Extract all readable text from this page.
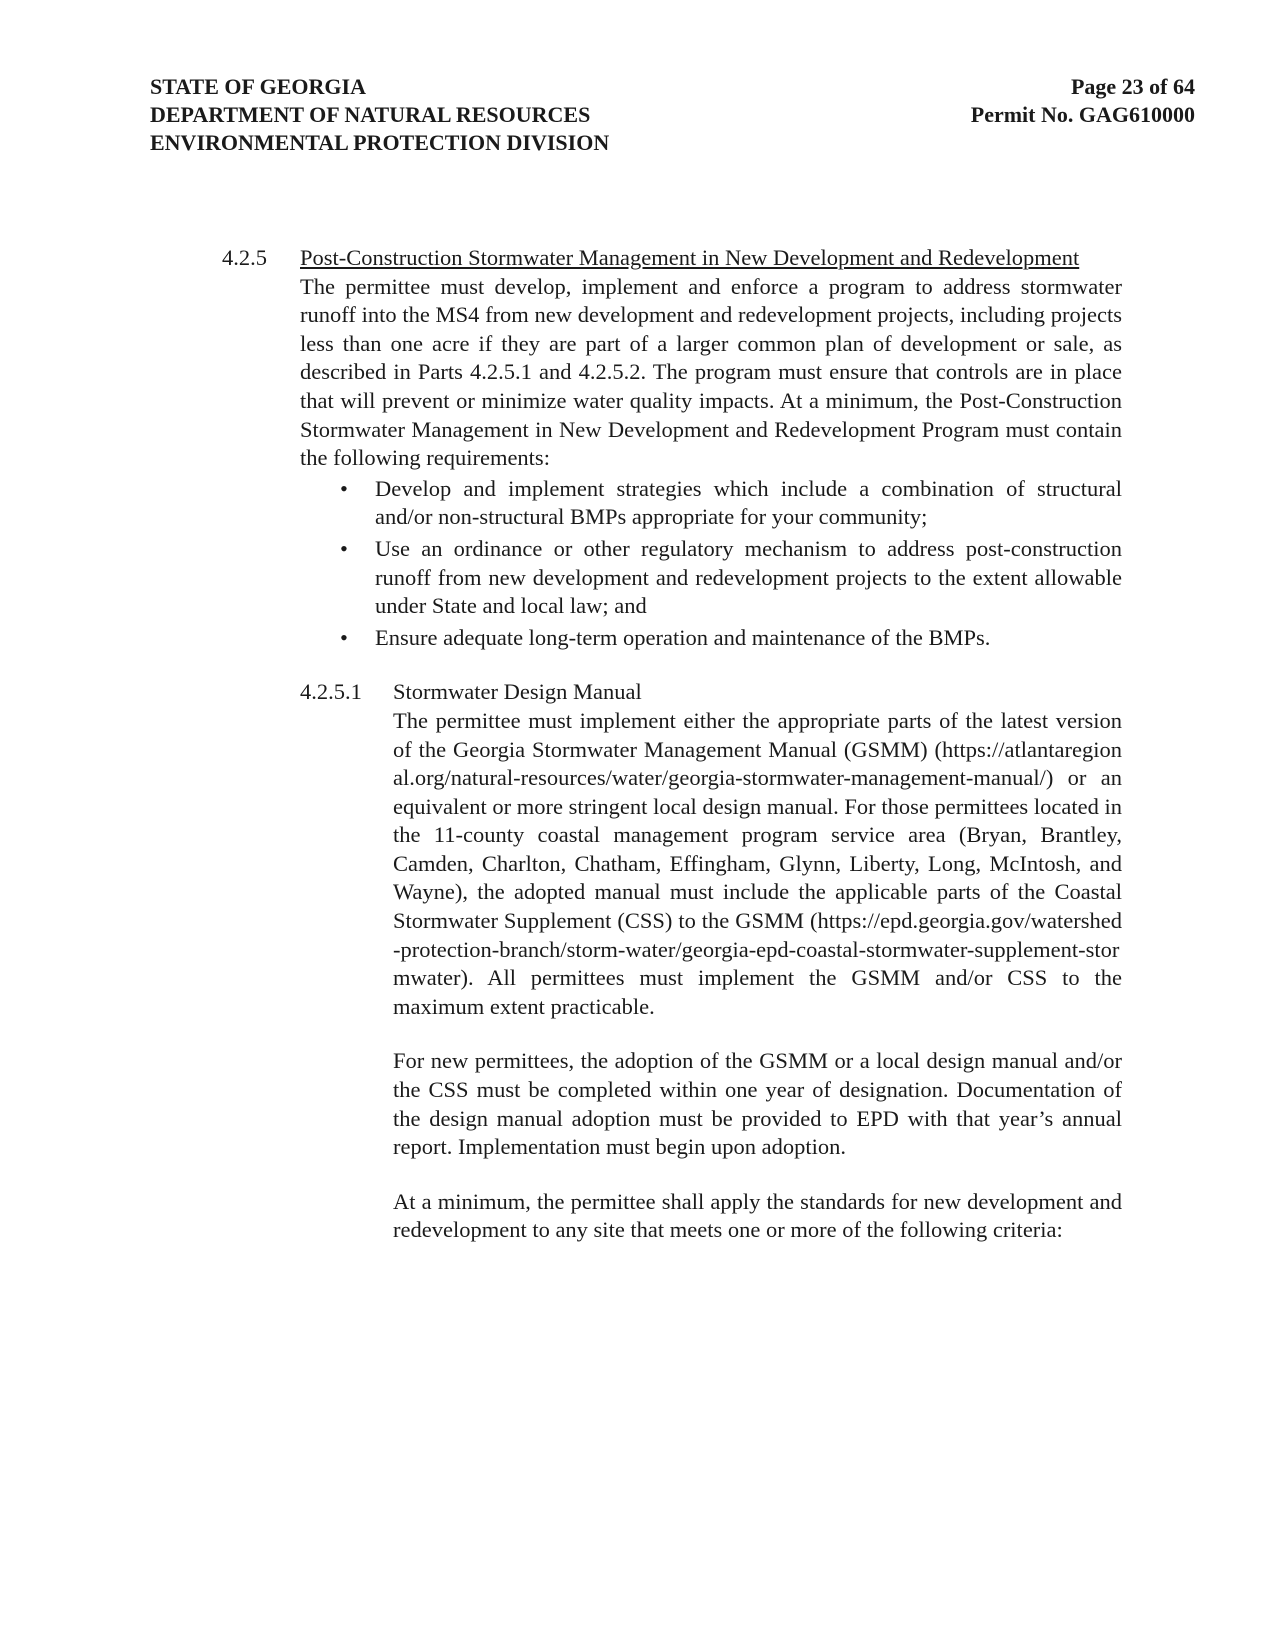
STATE OF GEORGIA
DEPARTMENT OF NATURAL RESOURCES
ENVIRONMENTAL PROTECTION DIVISION
Page 23 of 64
Permit No. GAG610000
4.2.5 Post-Construction Stormwater Management in New Development and Redevelopment

The permittee must develop, implement and enforce a program to address stormwater runoff into the MS4 from new development and redevelopment projects, including projects less than one acre if they are part of a larger common plan of development or sale, as described in Parts 4.2.5.1 and 4.2.5.2. The program must ensure that controls are in place that will prevent or minimize water quality impacts. At a minimum, the Post-Construction Stormwater Management in New Development and Redevelopment Program must contain the following requirements:

• Develop and implement strategies which include a combination of structural and/or non-structural BMPs appropriate for your community;
• Use an ordinance or other regulatory mechanism to address post-construction runoff from new development and redevelopment projects to the extent allowable under State and local law; and
• Ensure adequate long-term operation and maintenance of the BMPs.
4.2.5.1 Stormwater Design Manual

The permittee must implement either the appropriate parts of the latest version of the Georgia Stormwater Management Manual (GSMM) (https://atlantaregional.org/natural-resources/water/georgia-stormwater-management-manual/) or an equivalent or more stringent local design manual. For those permittees located in the 11-county coastal management program service area (Bryan, Brantley, Camden, Charlton, Chatham, Effingham, Glynn, Liberty, Long, McIntosh, and Wayne), the adopted manual must include the applicable parts of the Coastal Stormwater Supplement (CSS) to the GSMM (https://epd.georgia.gov/watershed-protection-branch/storm-water/georgia-epd-coastal-stormwater-supplement-stormwater). All permittees must implement the GSMM and/or CSS to the maximum extent practicable.

For new permittees, the adoption of the GSMM or a local design manual and/or the CSS must be completed within one year of designation. Documentation of the design manual adoption must be provided to EPD with that year’s annual report. Implementation must begin upon adoption.

At a minimum, the permittee shall apply the standards for new development and redevelopment to any site that meets one or more of the following criteria:
